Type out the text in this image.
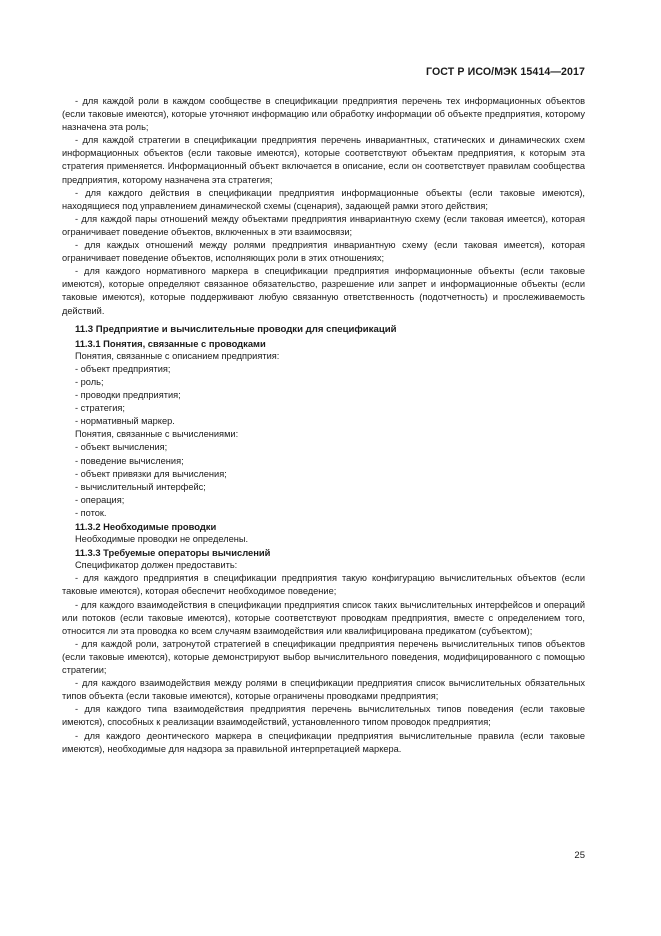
ГОСТ Р ИСО/МЭК 15414—2017

- для каждой роли в каждом сообществе в спецификации предприятия перечень тех информационных объектов (если таковые имеются), которые уточняют информацию или обработку информации об объекте предприятия, которому назначена эта роль;

- для каждой стратегии в спецификации предприятия перечень инвариантных, статических и динамических схем информационных объектов (если таковые имеются), которые соответствуют объектам предприятия, к которым эта стратегия применяется. Информационный объект включается в описание, если он соответствует правилам сообщества предприятия, которому назначена эта стратегия;

- для каждого действия в спецификации предприятия информационные объекты (если таковые имеются), находящиеся под управлением динамической схемы (сценария), задающей рамки этого действия;

- для каждой пары отношений между объектами предприятия инвариантную схему (если таковая имеется), которая ограничивает поведение объектов, включенных в эти взаимосвязи;

- для каждых отношений между ролями предприятия инвариантную схему (если таковая имеется), которая ограничивает поведение объектов, исполняющих роли в этих отношениях;

- для каждого нормативного маркера в спецификации предприятия информационные объекты (если таковые имеются), которые определяют связанное обязательство, разрешение или запрет и информационные объекты (если таковые имеются), которые поддерживают любую связанную ответственность (подотчетность) и прослеживаемость действий.

11.3 Предприятие и вычислительные проводки для спецификаций
11.3.1 Понятия, связанные с проводками
Понятия, связанные с описанием предприятия:
- объект предприятия;
- роль;
- проводки предприятия;
- стратегия;
- нормативный маркер.
Понятия, связанные с вычислениями:
- объект вычисления;
- поведение вычисления;
- объект привязки для вычисления;
- вычислительный интерфейс;
- операция;
- поток.
11.3.2 Необходимые проводки
Необходимые проводки не определены.
11.3.3 Требуемые операторы вычислений
Спецификатор должен предоставить:

- для каждого предприятия в спецификации предприятия такую конфигурацию вычислительных объектов (если таковые имеются), которая обеспечит необходимое поведение;

- для каждого взаимодействия в спецификации предприятия список таких вычислительных интерфейсов и операций или потоков (если таковые имеются), которые соответствуют проводкам предприятия, вместе с определением того, относится ли эта проводка ко всем случаям взаимодействия или квалифицирована предикатом (субъектом);

- для каждой роли, затронутой стратегией в спецификации предприятия перечень вычислительных типов объектов (если таковые имеются), которые демонстрируют выбор вычислительного поведения, модифицированного с помощью стратегии;

- для каждого взаимодействия между ролями в спецификации предприятия список вычислительных обязательных типов объекта (если таковые имеются), которые ограничены проводками предприятия;

- для каждого типа взаимодействия предприятия перечень вычислительных типов поведения (если таковые имеются), способных к реализации взаимодействий, установленного типом проводок предприятия;

- для каждого деонтического маркера в спецификации предприятия вычислительные правила (если таковые имеются), необходимые для надзора за правильной интерпретацией маркера.

25
